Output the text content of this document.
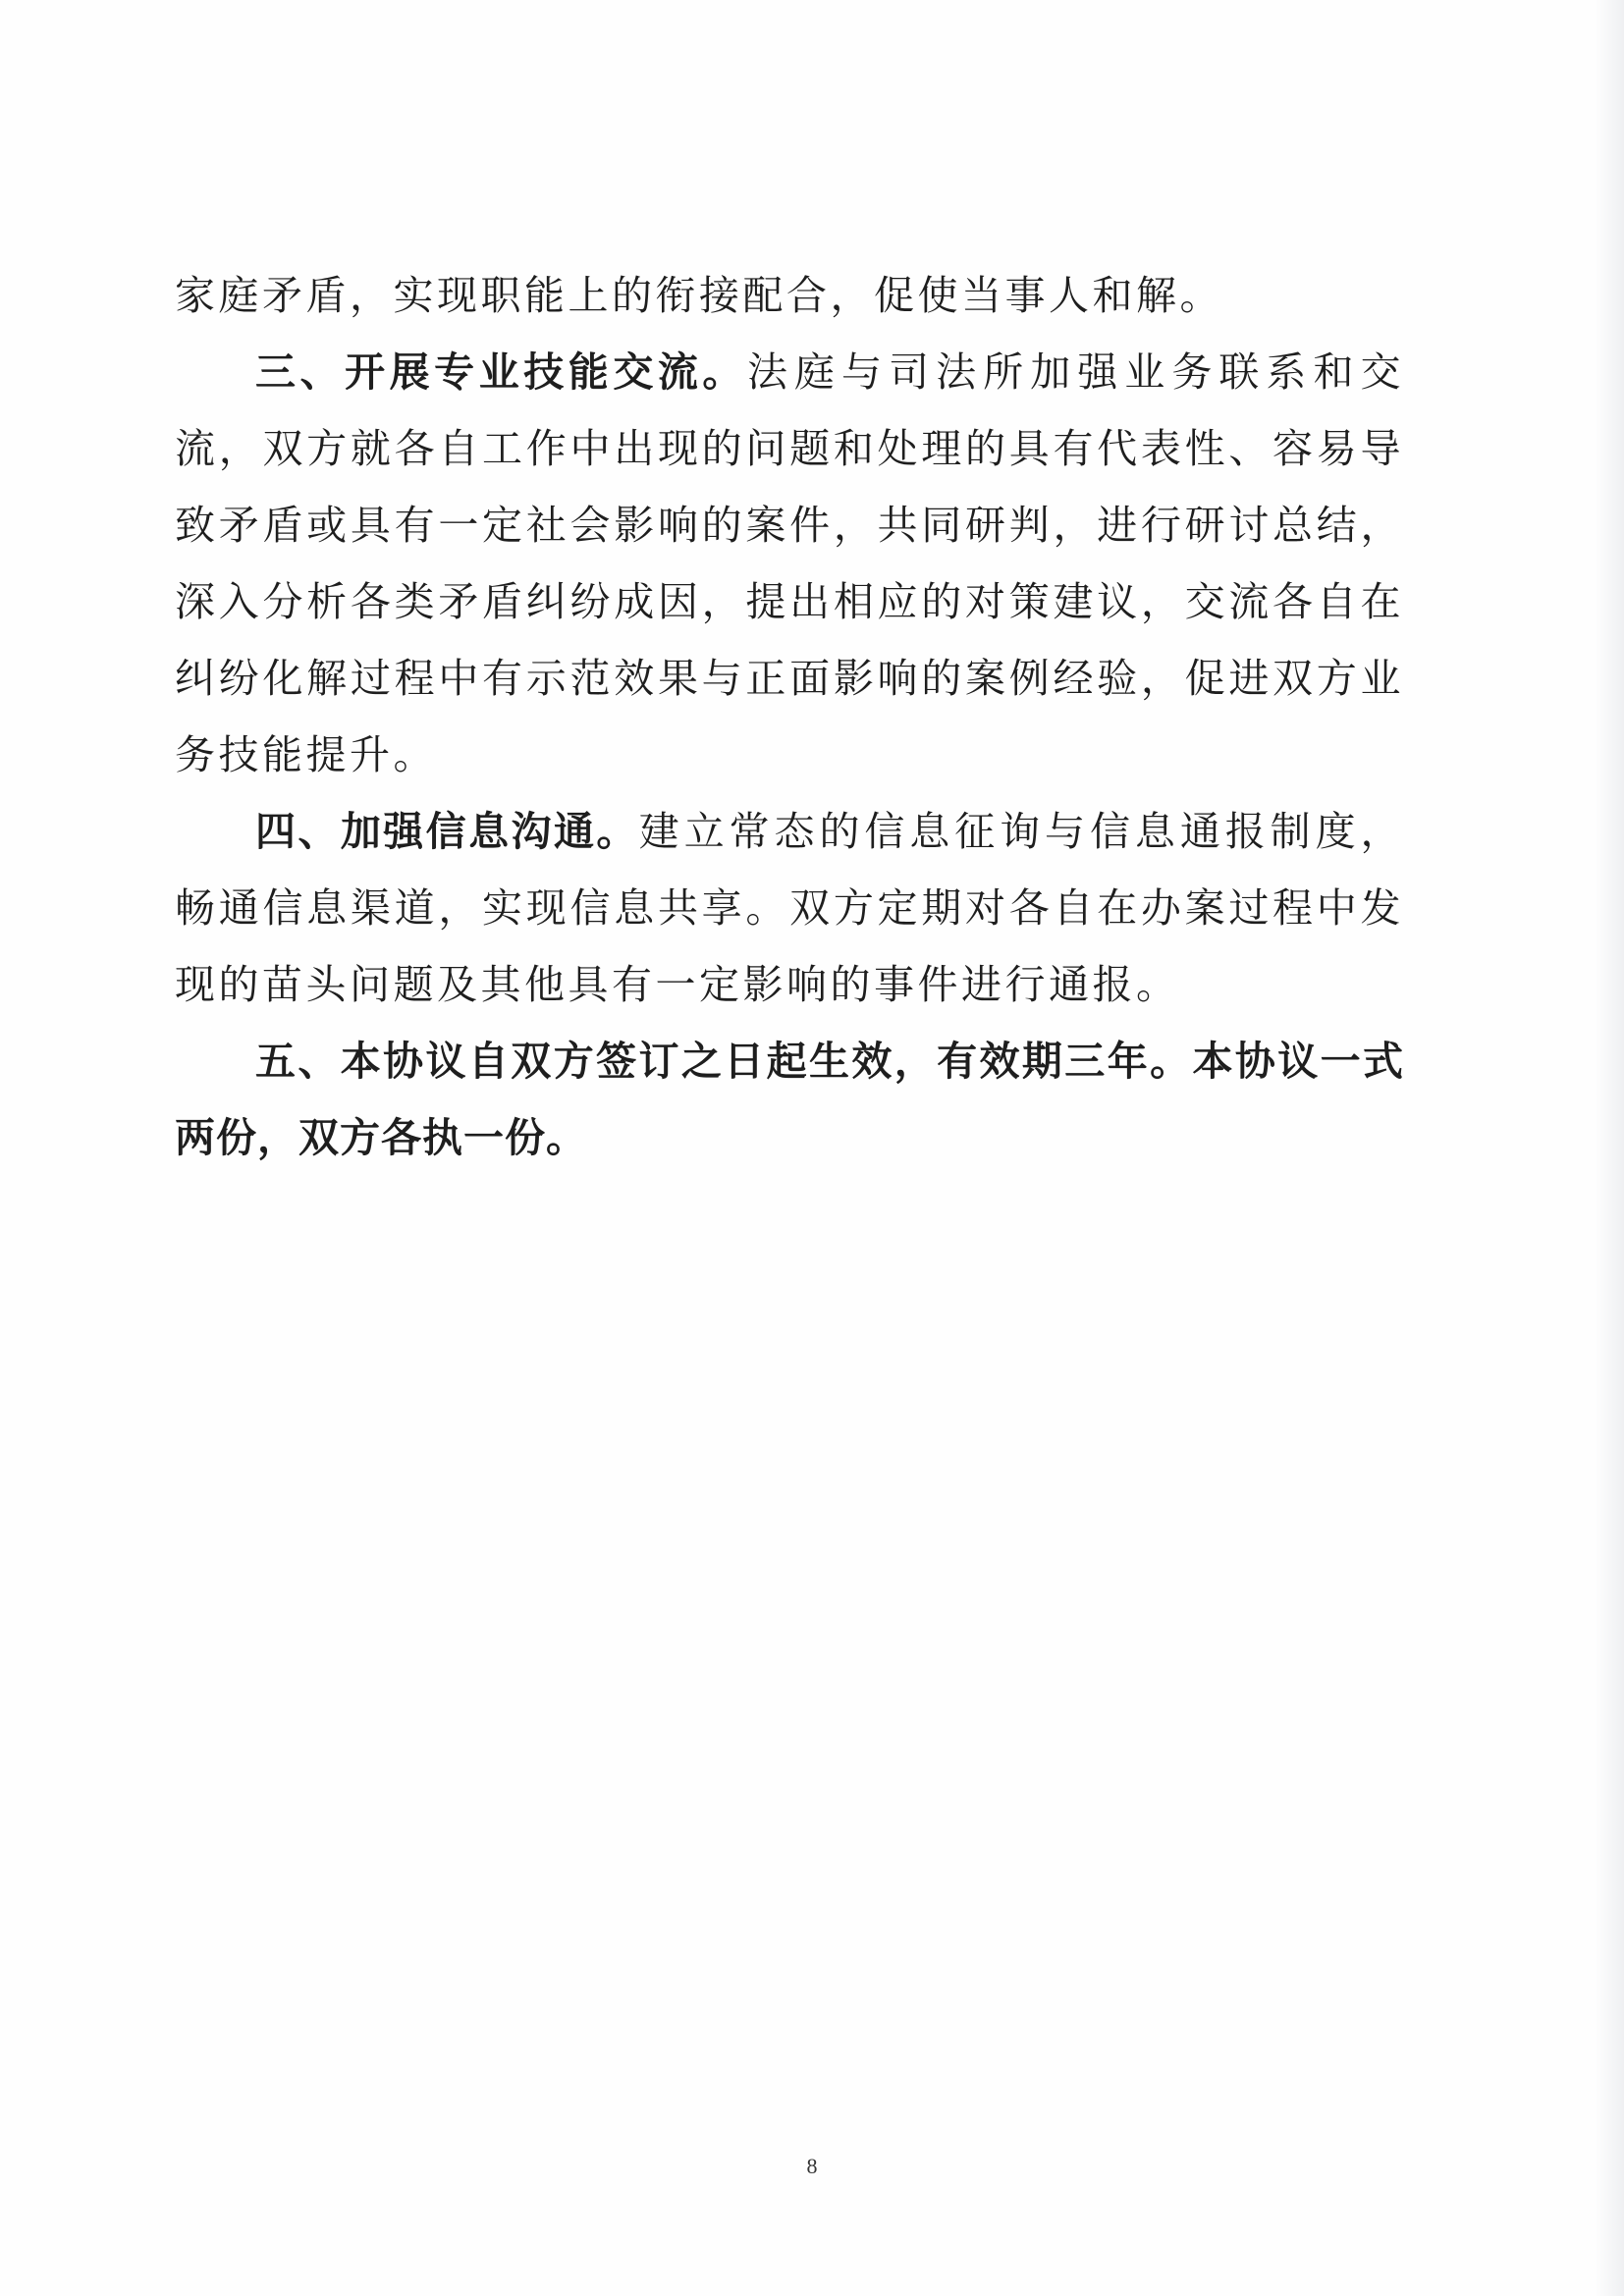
家庭矛盾，实现职能上的衔接配合，促使当事人和解。

三、开展专业技能交流。法庭与司法所加强业务联系和交流，双方就各自工作中出现的问题和处理的具有代表性、容易导致矛盾或具有一定社会影响的案件，共同研判，进行研讨总结，深入分析各类矛盾纠纷成因，提出相应的对策建议，交流各自在纠纷化解过程中有示范效果与正面影响的案例经验，促进双方业务技能提升。

四、加强信息沟通。建立常态的信息征询与信息通报制度，畅通信息渠道，实现信息共享。双方定期对各自在办案过程中发现的苗头问题及其他具有一定影响的事件进行通报。

五、本协议自双方签订之日起生效，有效期三年。本协议一式两份，双方各执一份。

8
